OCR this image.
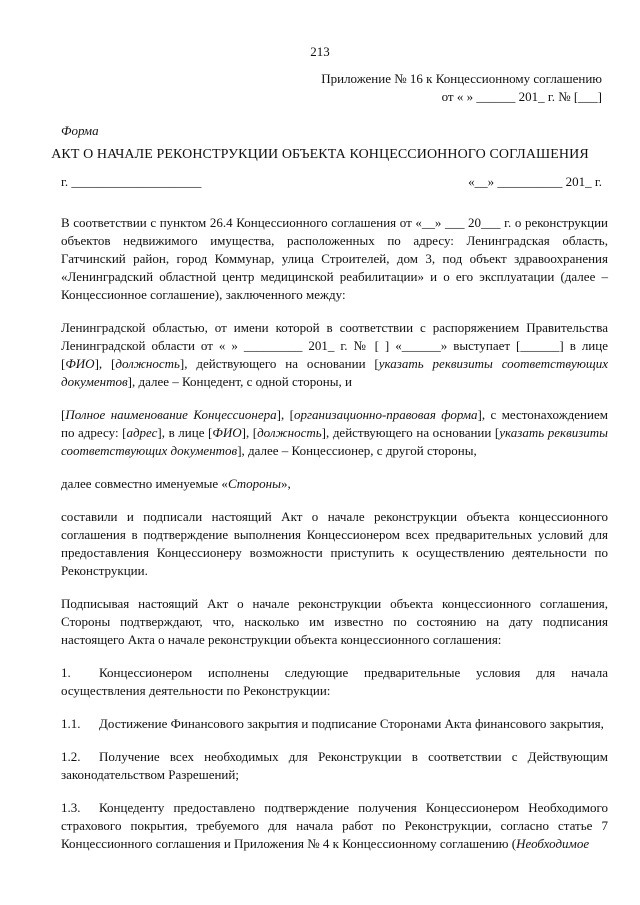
213
Приложение № 16 к Концессионному соглашению
от « » ______ 201_ г. № [___]
Форма
АКТ О НАЧАЛЕ РЕКОНСТРУКЦИИ ОБЪЕКТА КОНЦЕССИОННОГО СОГЛАШЕНИЯ
г. ____________________	«__» __________ 201_ г.

В соответствии с пунктом 26.4 Концессионного соглашения от «__» ___ 20___ г. о реконструкции объектов недвижимого имущества, расположенных по адресу: Ленинградская область, Гатчинский район, город Коммунар, улица Строителей, дом 3, под объект здравоохранения «Ленинградский областной центр медицинской реабилитации» и о его эксплуатации (далее – Концессионное соглашение), заключенного между:

Ленинградской областью, от имени которой в соответствии с распоряжением Правительства Ленинградской области от « » _________ 201_ г. № [ ] «______» выступает [______] в лице [ФИО], [должность], действующего на основании [указать реквизиты соответствующих документов], далее – Концедент, с одной стороны, и

[Полное наименование Концессионера], [организационно-правовая форма], с местонахождением по адресу: [адрес], в лице [ФИО], [должность], действующего на основании [указать реквизиты соответствующих документов], далее – Концессионер, с другой стороны,

далее совместно именуемые «Стороны»,

составили и подписали настоящий Акт о начале реконструкции объекта концессионного соглашения в подтверждение выполнения Концессионером всех предварительных условий для предоставления Концессионеру возможности приступить к осуществлению деятельности по Реконструкции.

Подписывая настоящий Акт о начале реконструкции объекта концессионного соглашения, Стороны подтверждают, что, насколько им известно по состоянию на дату подписания настоящего Акта о начале реконструкции объекта концессионного соглашения:

1. Концессионером исполнены следующие предварительные условия для начала осуществления деятельности по Реконструкции:

1.1. Достижение Финансового закрытия и подписание Сторонами Акта финансового закрытия,

1.2. Получение всех необходимых для Реконструкции в соответствии с Действующим законодательством Разрешений;

1.3. Концеденту предоставлено подтверждение получения Концессионером Необходимого страхового покрытия, требуемого для начала работ по Реконструкции, согласно статье 7 Концессионного соглашения и Приложения № 4 к Концессионному соглашению (Необходимое
